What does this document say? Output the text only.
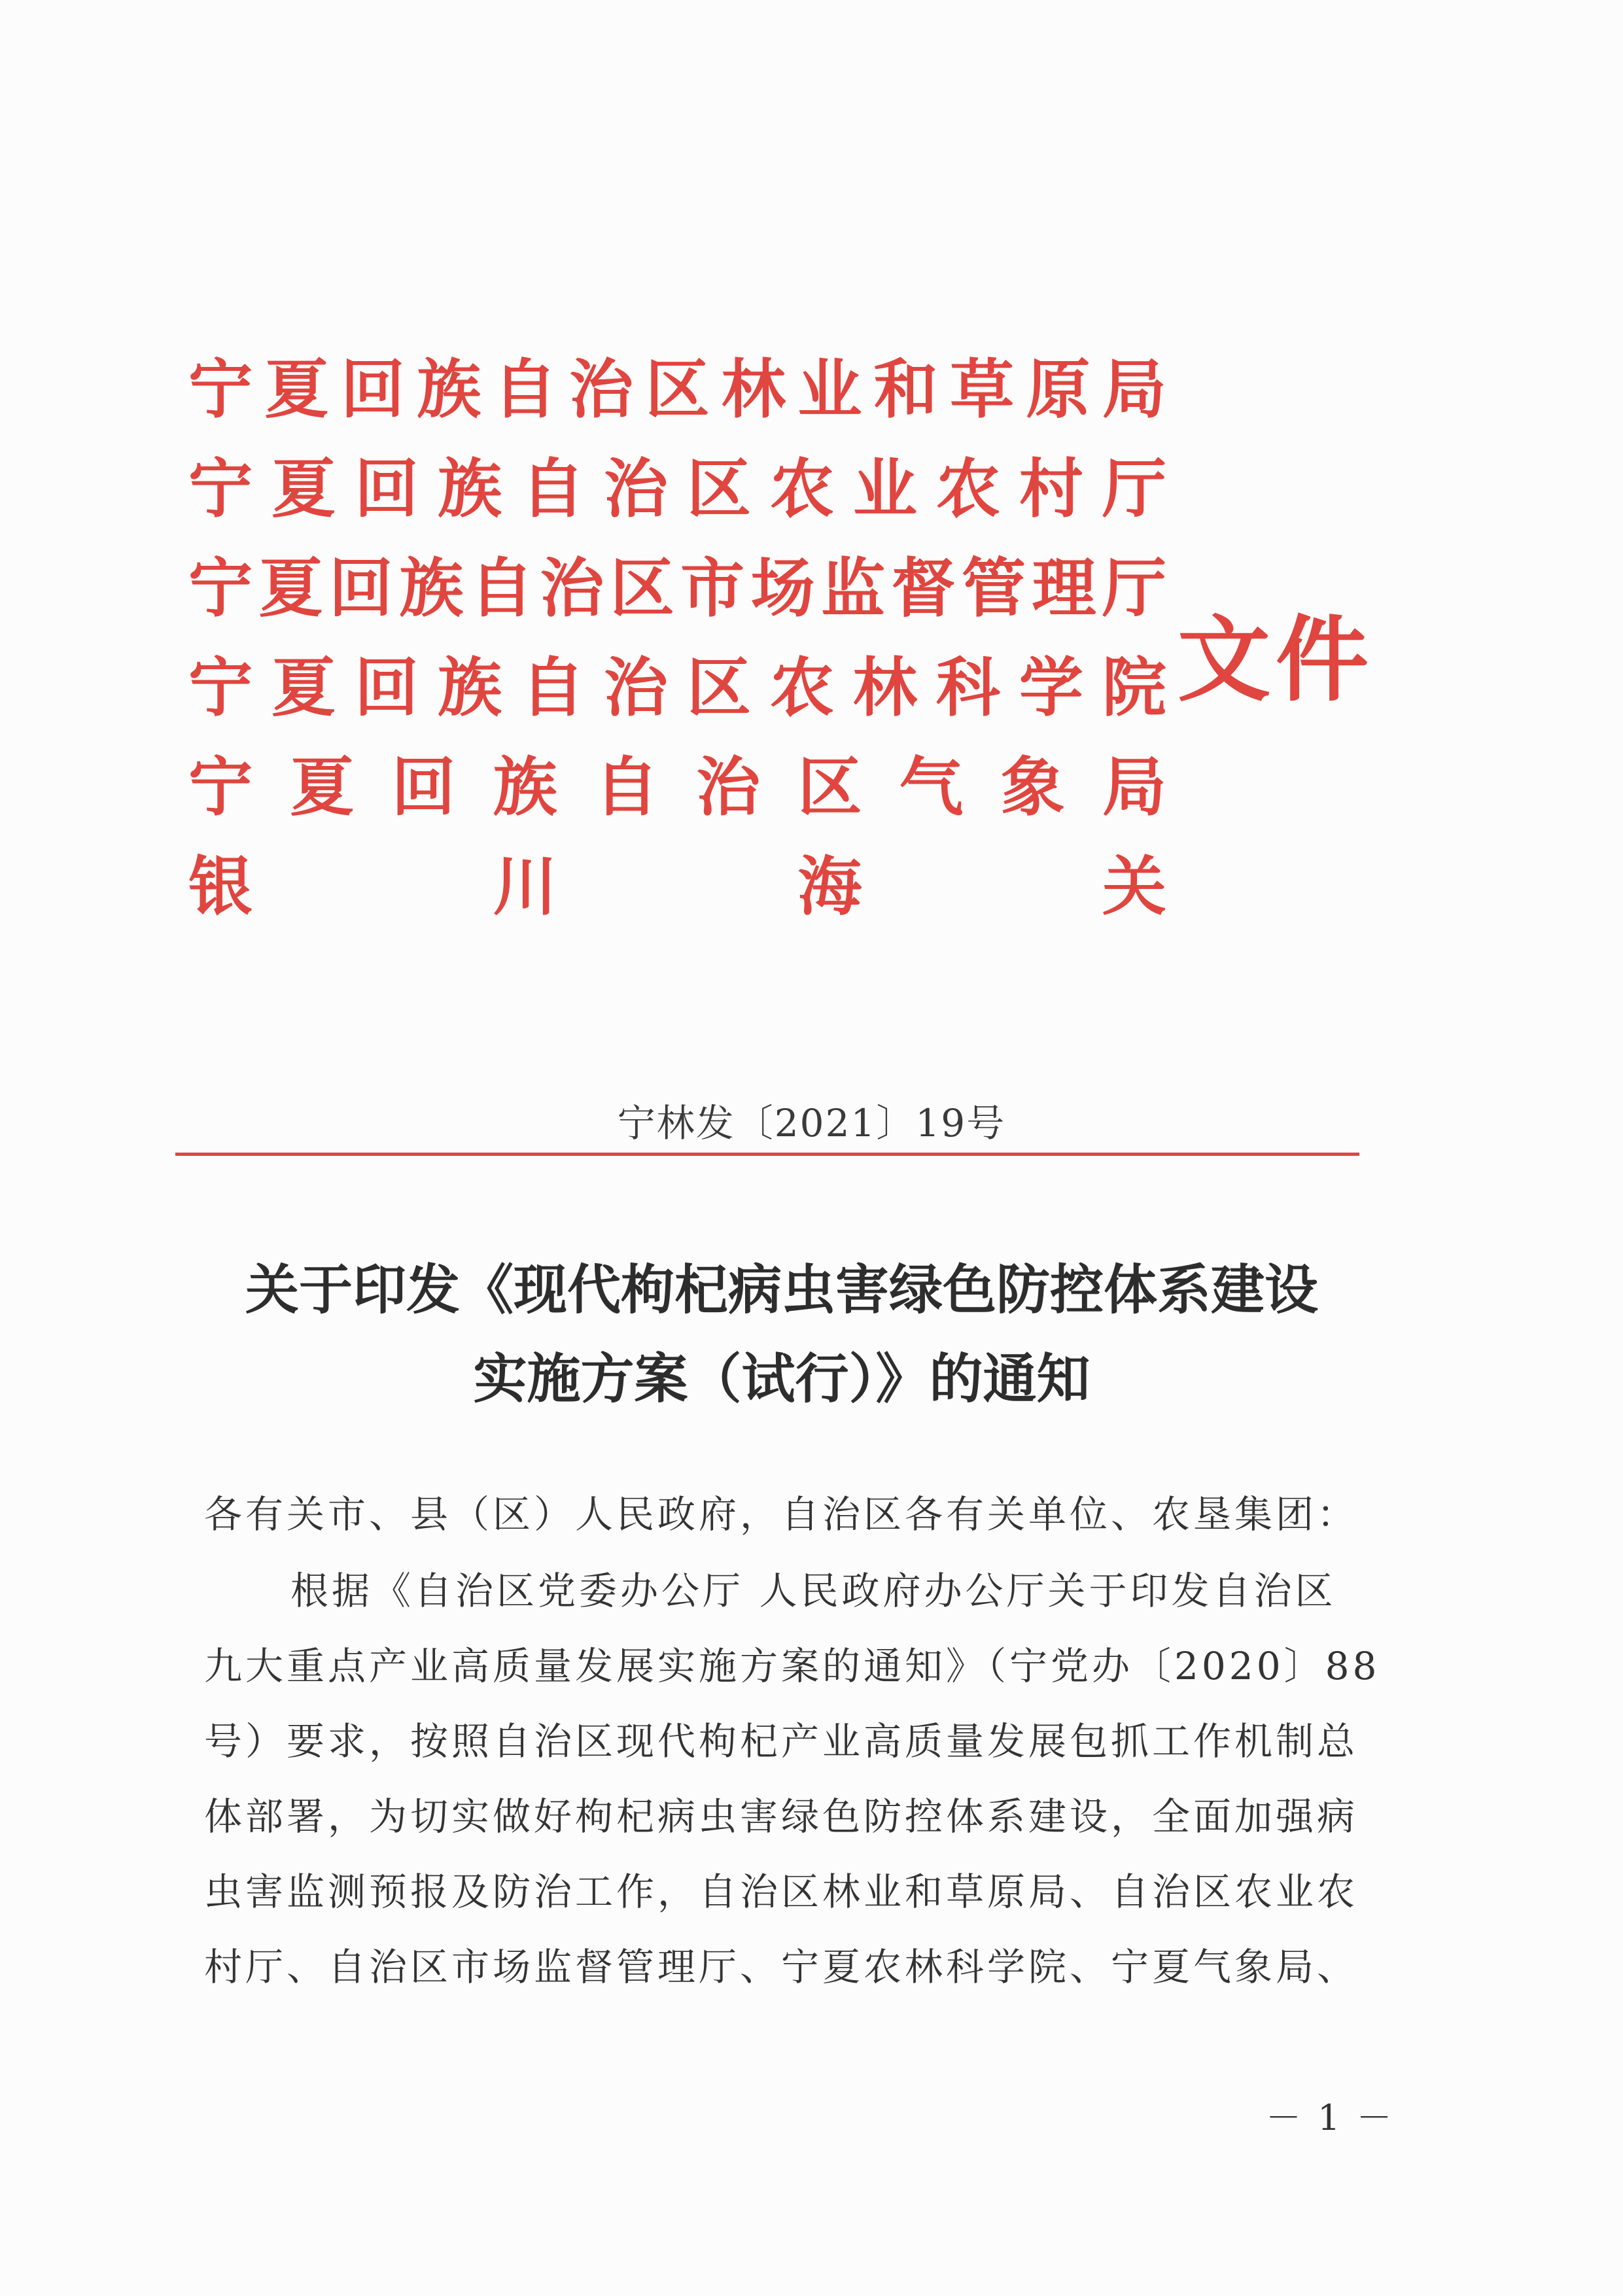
宁 夏 回 族 自 治 区 林 业 和 草 原 局
宁 夏 回 族 自 治 区 农 业 农 村 厅
宁 夏 回 族 自 治 区 市 场 监 督 管 理 厅
宁 夏 回 族 自 治 区 农 林 科 学 院
宁 夏 回 族 自 治 区 气 象 局
银	川	海	关
文件
宁林发〔2021〕19号
关于印发《现代枸杞病虫害绿色防控体系建设
实施方案（试行）》的通知
各有关市、县（区）人民政府，自治区各有关单位、农垦集团：
根据《自治区党委办公厅 人民政府办公厅关于印发自治区
九大重点产业高质量发展实施方案的通知》（宁党办〔2020〕88
号）要求，按照自治区现代枸杞产业高质量发展包抓工作机制总
体部署，为切实做好枸杞病虫害绿色防控体系建设，全面加强病
虫害监测预报及防治工作，自治区林业和草原局、自治区农业农
村厅、自治区市场监督管理厅、宁夏农林科学院、宁夏气象局、
－ 1 －
